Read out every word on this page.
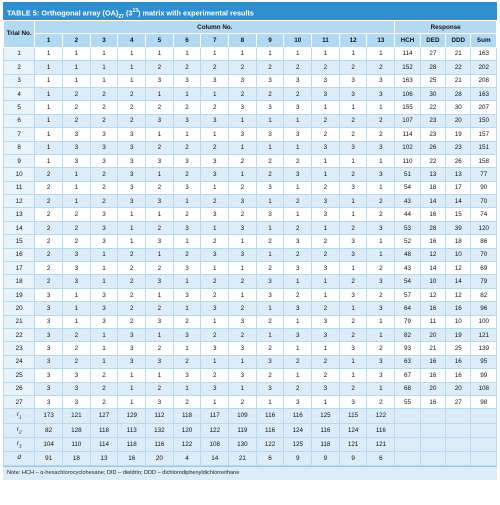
TABLE 5: Orthogonal array $(OA)_{27}$ $(3^{13})$ matrix with experimental results
Trial No.	Column No.													Response			
	1	2	3	4	5	6	7	8	9	10	11	12	13	HCH	DED	DDD	Sum
1	1	1	1	1	1	1	1	1	1	1	1	1	1	114	27	21	163
2	1	1	1	1	2	2	2	2	2	2	2	2	2	152	28	22	202
3	1	1	1	1	3	3	3	3	3	3	3	3	3	163	25	21	208
4	1	2	2	2	1	1	1	2	2	2	3	3	3	106	30	28	163
5	1	2	2	2	2	2	2	3	3	3	1	1	1	155	22	30	207
6	1	2	2	2	3	3	3	1	1	1	2	2	2	107	23	20	150
7	1	3	3	3	1	1	1	3	3	3	2	2	2	114	23	19	157
8	1	3	3	3	2	2	2	1	1	1	3	3	3	102	26	23	151
9	1	3	3	3	3	3	3	2	2	2	1	1	1	110	22	26	158
10	2	1	2	3	1	2	3	1	2	3	1	2	3	51	13	13	77
11	2	1	2	3	2	3	1	2	3	1	2	3	1	54	18	17	90
12	2	1	2	3	3	1	2	3	1	2	3	1	2	43	14	14	70
13	2	2	3	1	1	2	3	2	3	1	3	1	2	44	16	15	74
14	2	2	3	1	2	3	1	3	1	2	1	2	3	53	28	39	120
15	2	2	3	1	3	1	2	1	2	3	2	3	1	52	16	18	86
16	2	3	1	2	1	2	3	3	1	2	2	3	1	48	12	10	70
17	2	3	1	2	2	3	1	1	2	3	3	1	2	43	14	12	69
18	2	3	1	2	3	1	2	2	3	1	1	2	3	54	10	14	79
19	3	1	3	2	1	3	2	1	3	2	1	3	2	57	12	12	82
20	3	1	3	2	2	1	3	2	1	3	2	1	3	64	16	16	96
21	3	1	3	2	3	2	1	3	2	1	3	2	1	79	11	10	100
22	3	2	1	3	1	3	2	2	1	3	3	2	1	82	20	19	121
23	3	2	1	3	2	1	3	3	2	1	1	3	2	93	21	25	139
24	3	2	1	3	3	2	1	1	3	2	2	1	3	63	16	16	95
25	3	3	2	1	1	3	2	3	2	1	2	1	3	67	16	16	99
26	3	3	2	1	2	1	3	1	3	2	3	2	1	68	20	20	108
27	3	3	2	1	3	2	1	2	1	3	1	3	2	55	16	27	98
$r_1$	173	121	127	129	112	118	117	109	116	116	125	115	122				
$r_2$	82	128	118	113	132	120	122	119	116	124	116	124	116				
$r_3$	104	110	114	118	116	122	108	130	122	125	118	121	121				
d	91	18	13	16	20	4	14	21	6	9	9	9	6				
Note: HCH – α-hexachlorocyclohexane; DID – dieldrin; DDD – dichlorodiphenyldichloroethane
